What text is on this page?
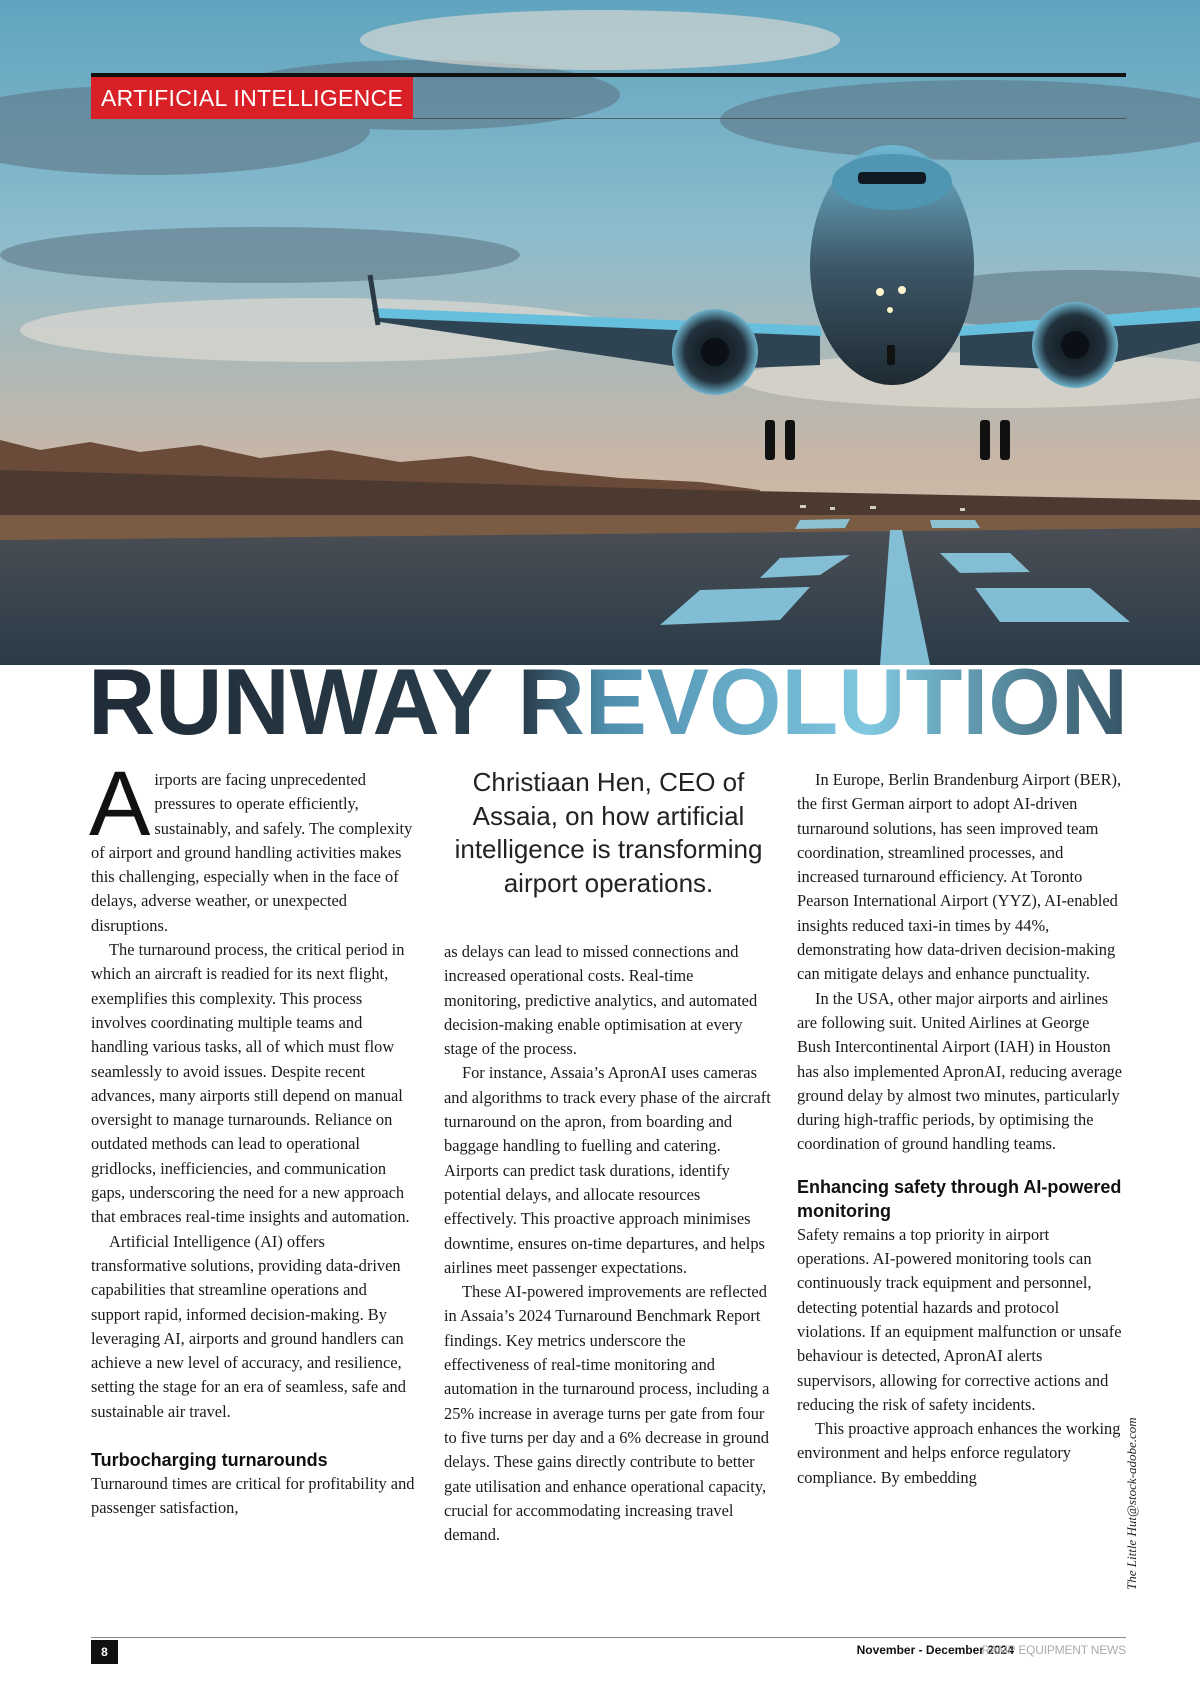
ARTIFICIAL INTELLIGENCE
RUNWAY REVOLUTION
Christiaan Hen, CEO of Assaia, on how artificial intelligence is transforming airport operations.

Airports are facing unprecedented pressures to operate efficiently, sustainably, and safely. The complexity of airport and ground handling activities makes this challenging, especially when in the face of delays, adverse weather, or unexpected disruptions.

The turnaround process, the critical period in which an aircraft is readied for its next flight, exemplifies this complexity. This process involves coordinating multiple teams and handling various tasks, all of which must flow seamlessly to avoid issues. Despite recent advances, many airports still depend on manual oversight to manage turnarounds. Reliance on outdated methods can lead to operational gridlocks, inefficiencies, and communication gaps, underscoring the need for a new approach that embraces real-time insights and automation.

Artificial Intelligence (AI) offers transformative solutions, providing data-driven capabilities that streamline operations and support rapid, informed decision-making. By leveraging AI, airports and ground handlers can achieve a new level of accuracy, and resilience, setting the stage for an era of seamless, safe and sustainable air travel.

Turbocharging turnarounds

Turnaround times are critical for profitability and passenger satisfaction,

as delays can lead to missed connections and increased operational costs. Real-time monitoring, predictive analytics, and automated decision-making enable optimisation at every stage of the process.

For instance, Assaia’s ApronAI uses cameras and algorithms to track every phase of the aircraft turnaround on the apron, from boarding and baggage handling to fuelling and catering. Airports can predict task durations, identify potential delays, and allocate resources effectively. This proactive approach minimises downtime, ensures on-time departures, and helps airlines meet passenger expectations.

These AI-powered improvements are reflected in Assaia’s 2024 Turnaround Benchmark Report findings. Key metrics underscore the effectiveness of real-time monitoring and automation in the turnaround process, including a 25% increase in average turns per gate from four to five turns per day and a 6% decrease in ground delays. These gains directly contribute to better gate utilisation and enhance operational capacity, crucial for accommodating increasing travel demand.

In Europe, Berlin Brandenburg Airport (BER), the first German airport to adopt AI-driven turnaround solutions, has seen improved team coordination, streamlined processes, and increased turnaround efficiency. At Toronto Pearson International Airport (YYZ), AI-enabled insights reduced taxi-in times by 44%, demonstrating how data-driven decision-making can mitigate delays and enhance punctuality.

In the USA, other major airports and airlines are following suit. United Airlines at George Bush Intercontinental Airport (IAH) in Houston has also implemented ApronAI, reducing average ground delay by almost two minutes, particularly during high-traffic periods, by optimising the coordination of ground handling teams.

Enhancing safety through AI-powered monitoring

Safety remains a top priority in airport operations. AI-powered monitoring tools can continuously track equipment and personnel, detecting potential hazards and protocol violations. If an equipment malfunction or unsafe behaviour is detected, ApronAI alerts supervisors, allowing for corrective actions and reducing the risk of safety incidents.

This proactive approach enhances the working environment and helps enforce regulatory compliance. By embedding	The Little Hut@stock-adobe.com
8	November - December 2024
RAMP EQUIPMENT NEWS
